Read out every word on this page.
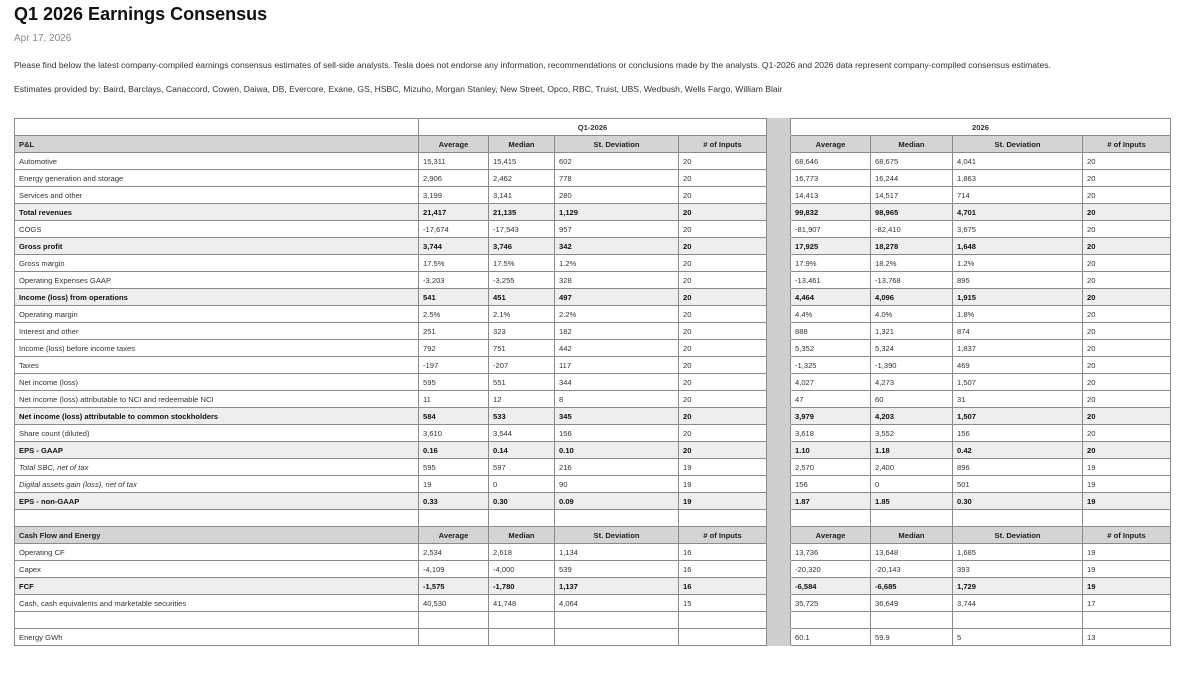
Q1 2026 Earnings Consensus
Apr 17, 2026
Please find below the latest company-compiled earnings consensus estimates of sell-side analysts. Tesla does not endorse any information, recommendations or conclusions made by the analysts. Q1-2026 and 2026 data represent company-compiled consensus estimates.
Estimates provided by: Baird, Barclays, Canaccord, Cowen, Daiwa, DB, Evercore, Exane, GS, HSBC, Mizuho, Morgan Stanley, New Street, Opco, RBC, Truist, UBS, Wedbush, Wells Fargo, William Blair
	Q1-2026					2026			
P&L	Average	Median	St. Deviation	# of Inputs		Average	Median	St. Deviation	# of Inputs
Automotive	15,311	15,415	602	20		68,646	68,675	4,041	20
Energy generation and storage	2,906	2,462	778	20		16,773	16,244	1,863	20
Services and other	3,199	3,141	280	20		14,413	14,517	714	20
Total revenues	21,417	21,135	1,129	20		99,832	98,965	4,701	20
COGS	-17,674	-17,543	957	20		-81,907	-82,410	3,675	20
Gross profit	3,744	3,746	342	20		17,925	18,278	1,648	20
Gross margin	17.5%	17.5%	1.2%	20		17.9%	18.2%	1.2%	20
Operating Expenses GAAP	-3,203	-3,255	328	20		-13,461	-13,768	895	20
Income (loss) from operations	541	451	497	20		4,464	4,096	1,915	20
Operating margin	2.5%	2.1%	2.2%	20		4.4%	4.0%	1.8%	20
Interest and other	251	323	182	20		888	1,321	874	20
Income (loss) before income taxes	792	751	442	20		5,352	5,324	1,837	20
Taxes	-197	-207	117	20		-1,325	-1,390	469	20
Net income (loss)	595	551	344	20		4,027	4,273	1,507	20
Net income (loss) attributable to NCI and redeemable NCI	11	12	8	20		47	60	31	20
Net income (loss) attributable to common stockholders	584	533	345	20		3,979	4,203	1,507	20
Share count (diluted)	3,610	3,544	156	20		3,618	3,552	156	20
EPS - GAAP	0.16	0.14	0.10	20		1.10	1.18	0.42	20
Total SBC, net of tax	595	597	216	19		2,570	2,400	896	19
Digital assets gain (loss), net of tax	19	0	90	19		156	0	501	19
EPS - non-GAAP	0.33	0.30	0.09	19		1.87	1.85	0.30	19

Cash Flow and Energy	Average	Median	St. Deviation	# of Inputs		Average	Median	St. Deviation	# of Inputs
Operating CF	2,534	2,618	1,134	16		13,736	13,648	1,685	19
Capex	-4,109	-4,000	539	16		-20,320	-20,143	393	19
FCF	-1,575	-1,780	1,137	16		-6,584	-6,685	1,729	19
Cash, cash equivalents and marketable securities	40,530	41,748	4,064	15		35,725	36,649	3,744	17

Energy GWh						60.1	59.9	5	13
